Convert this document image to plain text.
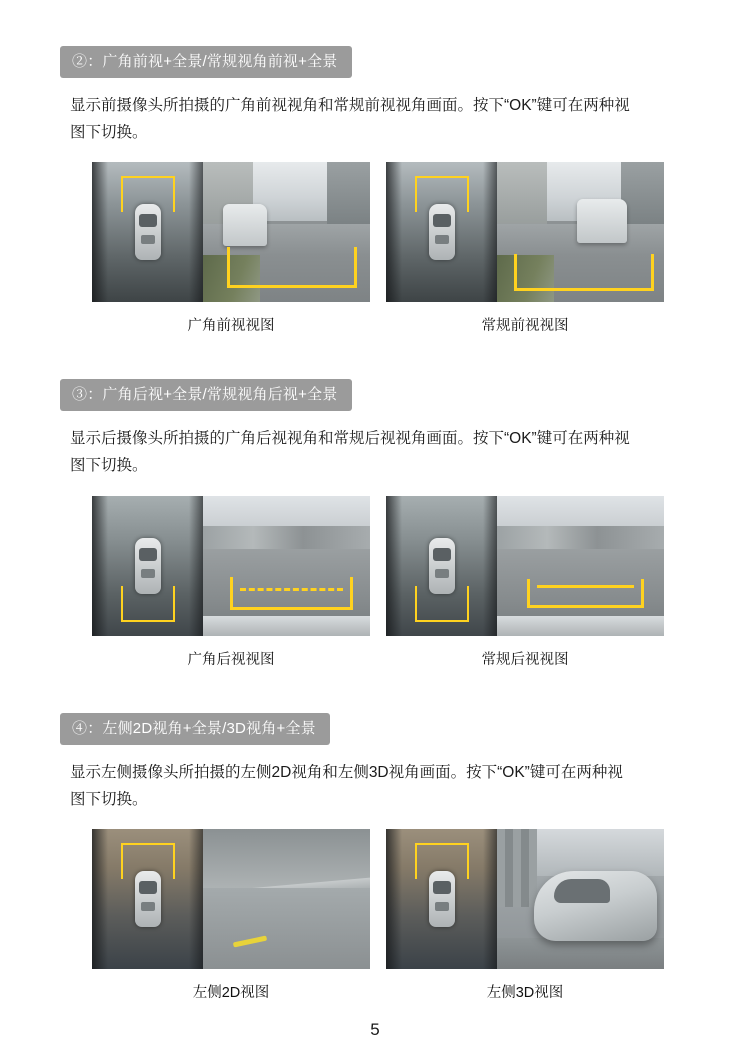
②：广角前视+全景/常规视角前视+全景
显示前摄像头所拍摄的广角前视视角和常规前视视角画面。按下“OK”键可在两种视图下切换。
广角前视视图	常规前视视图
③：广角后视+全景/常规视角后视+全景
显示后摄像头所拍摄的广角后视视角和常规后视视角画面。按下“OK”键可在两种视图下切换。
广角后视视图	常规后视视图
④：左侧2D视角+全景/3D视角+全景
显示左侧摄像头所拍摄的左侧2D视角和左侧3D视角画面。按下“OK”键可在两种视图下切换。
左侧2D视图	左侧3D视图
5
